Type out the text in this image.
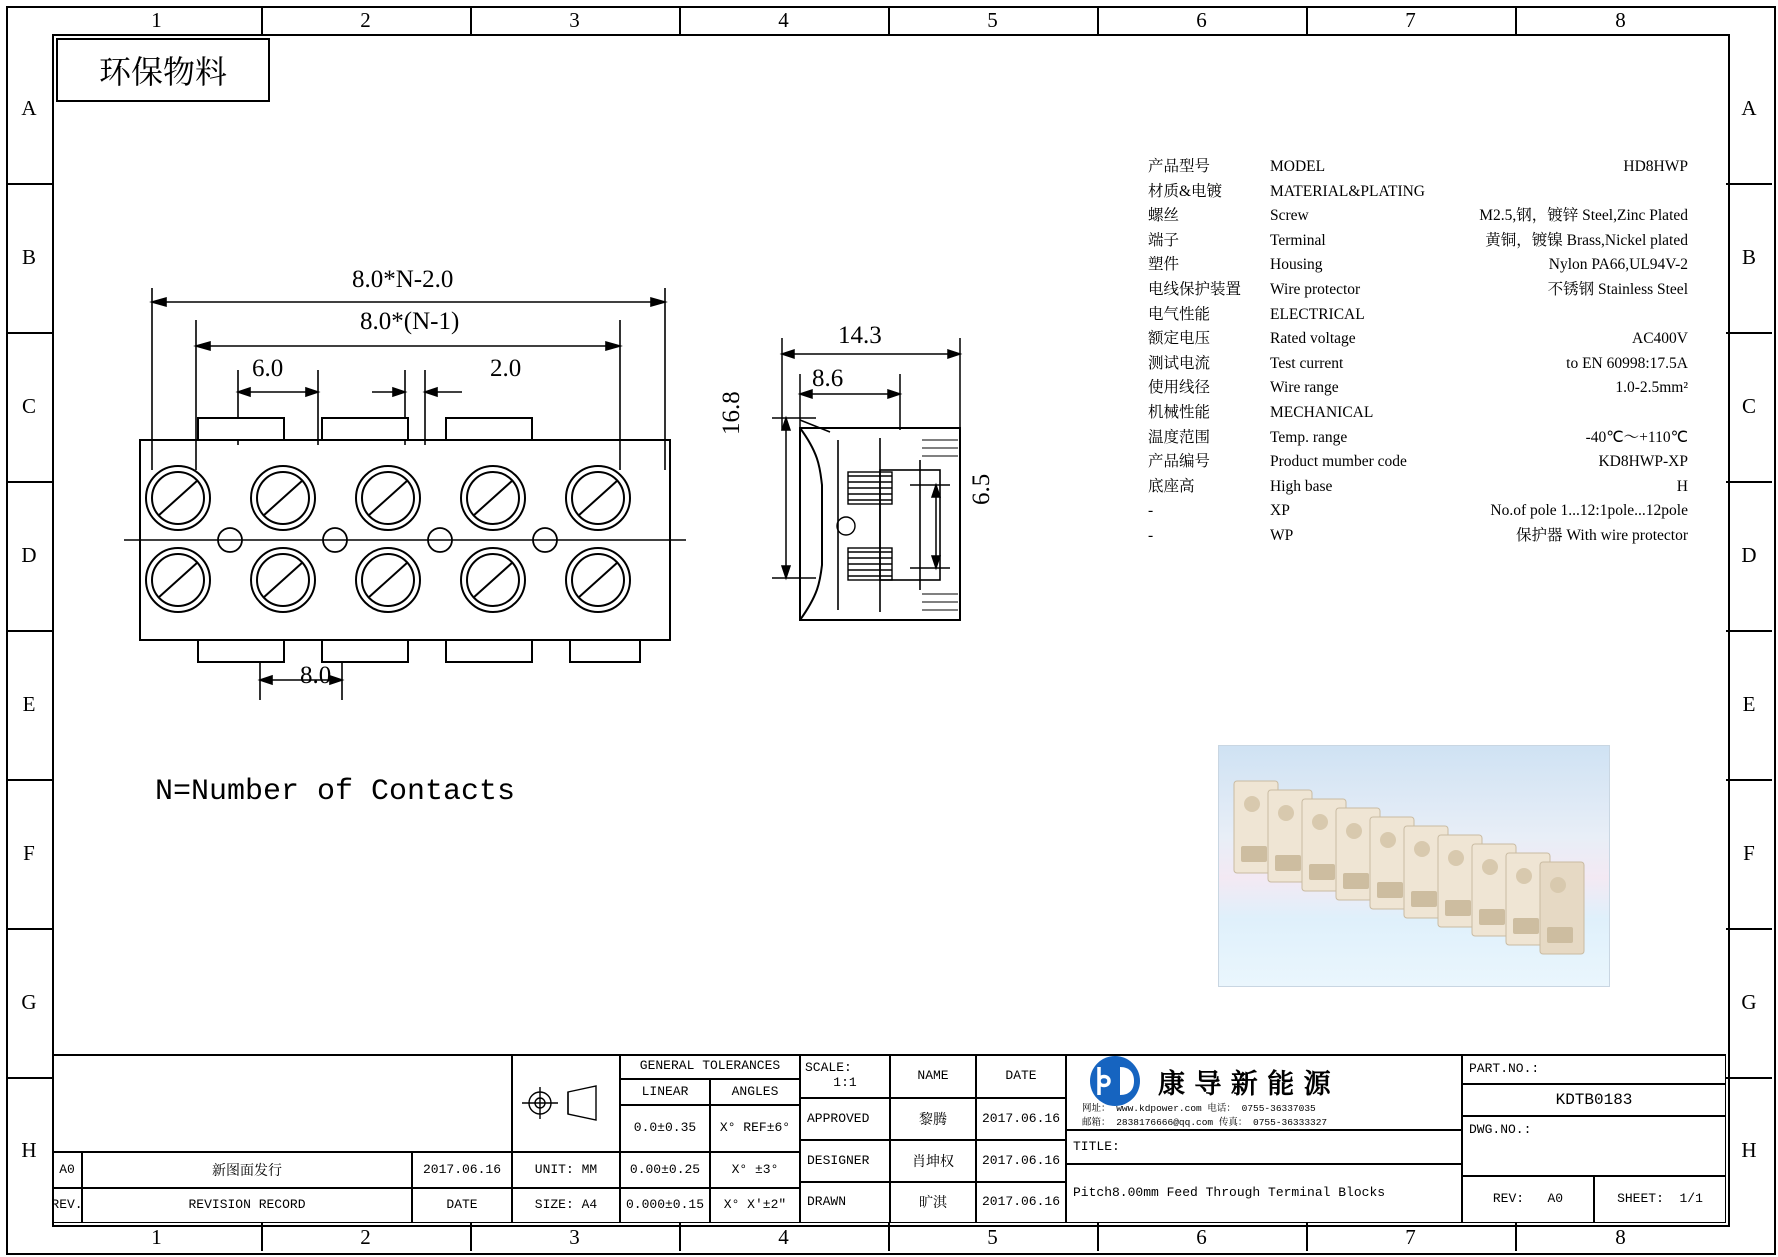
1	2	3	4	5	6	7	8
1	2	3	4	5	6	7	8
A
B
C
D
E
F
G
H
A
B
C
D
E
F
G
H
环保物料
产品型号	MODEL	HD8HWP
材质&电镀	MATERIAL&PLATING
螺丝	Screw	M2.5,钢，镀锌 Steel,Zinc Plated
端子	Terminal	黄铜，镀镍 Brass,Nickel plated
塑件	Housing	Nylon PA66,UL94V-2
电线保护装置 Wire protector	不锈钢 Stainless Steel
电气性能	ELECTRICAL
额定电压	Rated voltage	AC400V
测试电流	Test current	to EN 60998:17.5A
使用线径	Wire range	1.0-2.5mm²
机械性能	MECHANICAL
温度范围	Temp. range	-40℃～+110℃
产品编号	Product mumber code	KD8HWP-XP
底座高	High base	H
-	XP	No.of pole 1...12:1pole...12pole
-	WP	保护器 With wire protector
8.0*N-2.0
8.0*(N-1)
6.0	2.0
8.0
N=Number of Contacts
14.3
8.6
16.8
6.5
A0	新图面发行	2017.06.16
REV.	REVISION RECORD	DATE
UNIT: MM
SIZE: A4
GENERAL TOLERANCES
LINEAR	ANGLES
0.0±0.35 X° REF±6°
0.00±0.25 X° ±3°
0.000±0.15 X° X'±2"
SCALE:
1:1	NAME	DATE
APPROVED	黎腾	2017.06.16
DESIGNER	肖坤权 2017.06.16
DRAWN	旷淇	2017.06.16
康 导 新 能 源
网址： www.kdpower.com 电话： 0755-36337035
邮箱： 2838176666@qq.com 传真： 0755-36333327
TITLE:
Pitch8.00mm Feed Through Terminal Blocks
PART.NO.:
KDTB0183
DWG.NO.:
REV:
A0	SHEET:
1/1
